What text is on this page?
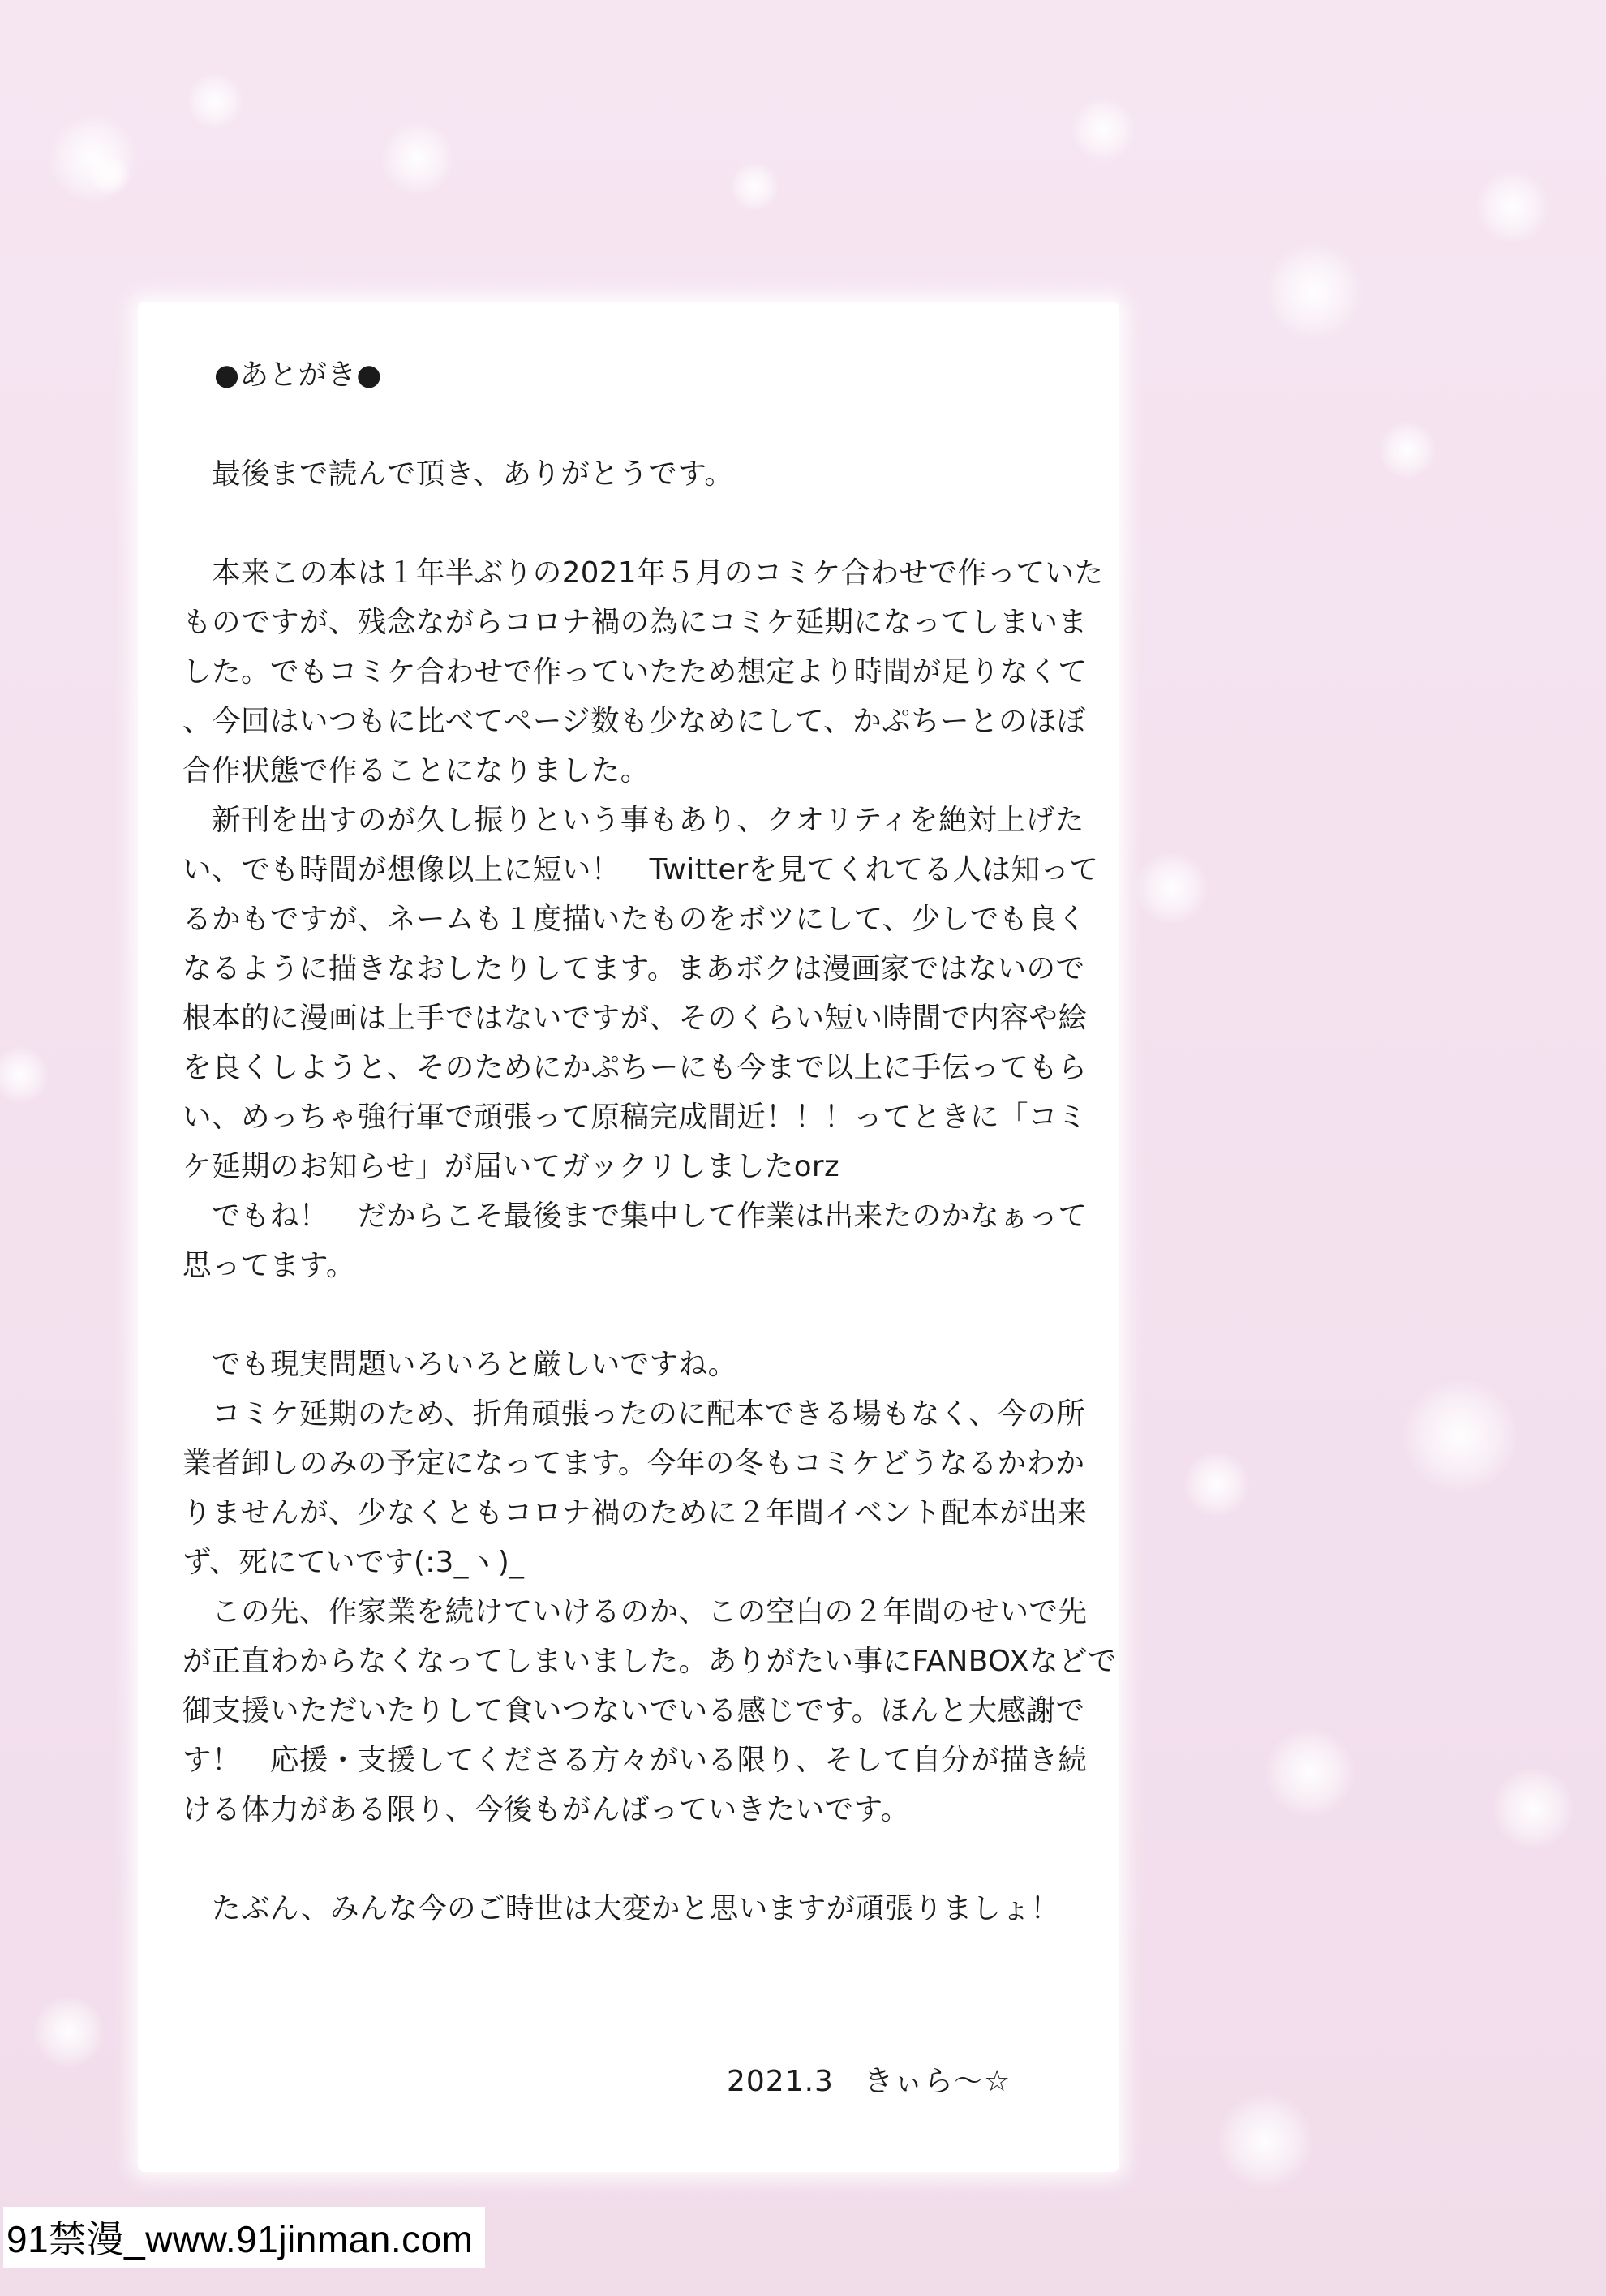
●あとがき●
　最後まで読んで頂き、ありがとうです。
　本来この本は１年半ぶりの2021年５月のコミケ合わせで作っていた
ものですが、残念ながらコロナ禍の為にコミケ延期になってしまいま
した。でもコミケ合わせで作っていたため想定より時間が足りなくて
、今回はいつもに比べてページ数も少なめにして、かぷちーとのほぼ
合作状態で作ることになりました。
　新刊を出すのが久し振りという事もあり、クオリティを絶対上げた
い、でも時間が想像以上に短い！　Twitterを見てくれてる人は知って
るかもですが、ネームも１度描いたものをボツにして、少しでも良く
なるように描きなおしたりしてます。まあボクは漫画家ではないので
根本的に漫画は上手ではないですが、そのくらい短い時間で内容や絵
を良くしようと、そのためにかぷちーにも今まで以上に手伝ってもら
い、めっちゃ強行軍で頑張って原稿完成間近！！！ってときに「コミ
ケ延期のお知らせ」が届いてガックリしましたorz
　でもね！　だからこそ最後まで集中して作業は出来たのかなぁって
思ってます。
　でも現実問題いろいろと厳しいですね。
　コミケ延期のため、折角頑張ったのに配本できる場もなく、今の所
業者卸しのみの予定になってます。今年の冬もコミケどうなるかわか
りませんが、少なくともコロナ禍のために２年間イベント配本が出来
ず、死にていです(:3_ヽ)_
　この先、作家業を続けていけるのか、この空白の２年間のせいで先
が正直わからなくなってしまいました。ありがたい事にFANBOXなどで
御支援いただいたりして食いつないでいる感じです。ほんと大感謝で
す！　応援・支援してくださる方々がいる限り、そして自分が描き続
ける体力がある限り、今後もがんばっていきたいです。
　たぶん、みんな今のご時世は大変かと思いますが頑張りましょ！
2021.3　きぃら〜☆
91禁漫_www.91jinman.com
